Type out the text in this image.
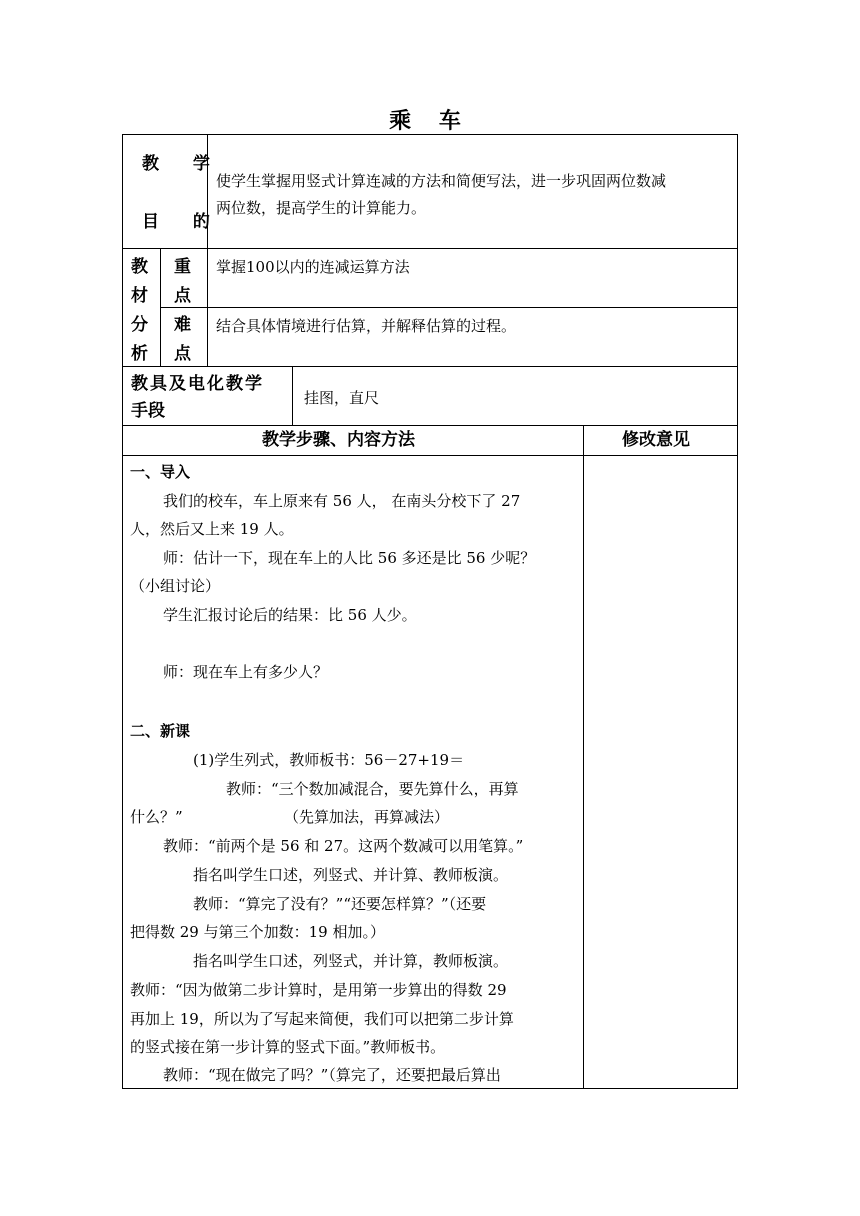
乘 车
教 学
目 的
使学生掌握用竖式计算连减的方法和简便写法，进一步巩固两位数减
两位数，提高学生的计算能力。
教
材
分
析
重
点
掌握100以内的连减运算方法
难
点
结合具体情境进行估算，并解释估算的过程。
教具及电化教学
手段
挂图，直尺
教学步骤、内容方法	修改意见
一、导入
我们的校车，车上原来有 56 人， 在南头分校下了 27
人，然后又上来 19 人。
师：估计一下，现在车上的人比 56 多还是比 56 少呢？
（小组讨论）
学生汇报讨论后的结果：比 56 人少。
师：现在车上有多少人？
二、新课
(1)学生列式，教师板书：56－27+19＝
教师：“三个数加减混合，要先算什么，再算
什么？”	（先算加法，再算减法）
教师：“前两个是 56 和 27。这两个数减可以用笔算。”
指名叫学生口述，列竖式、并计算、教师板演。
教师：“算完了没有？”“还要怎样算？”（还要
把得数 29 与第三个加数：19 相加。）
指名叫学生口述，列竖式，并计算，教师板演。
教师：“因为做第二步计算时，是用第一步算出的得数 29
再加上 19，所以为了写起来简便，我们可以把第二步计算
的竖式接在第一步计算的竖式下面。”教师板书。
教师：“现在做完了吗？”（算完了，还要把最后算出
